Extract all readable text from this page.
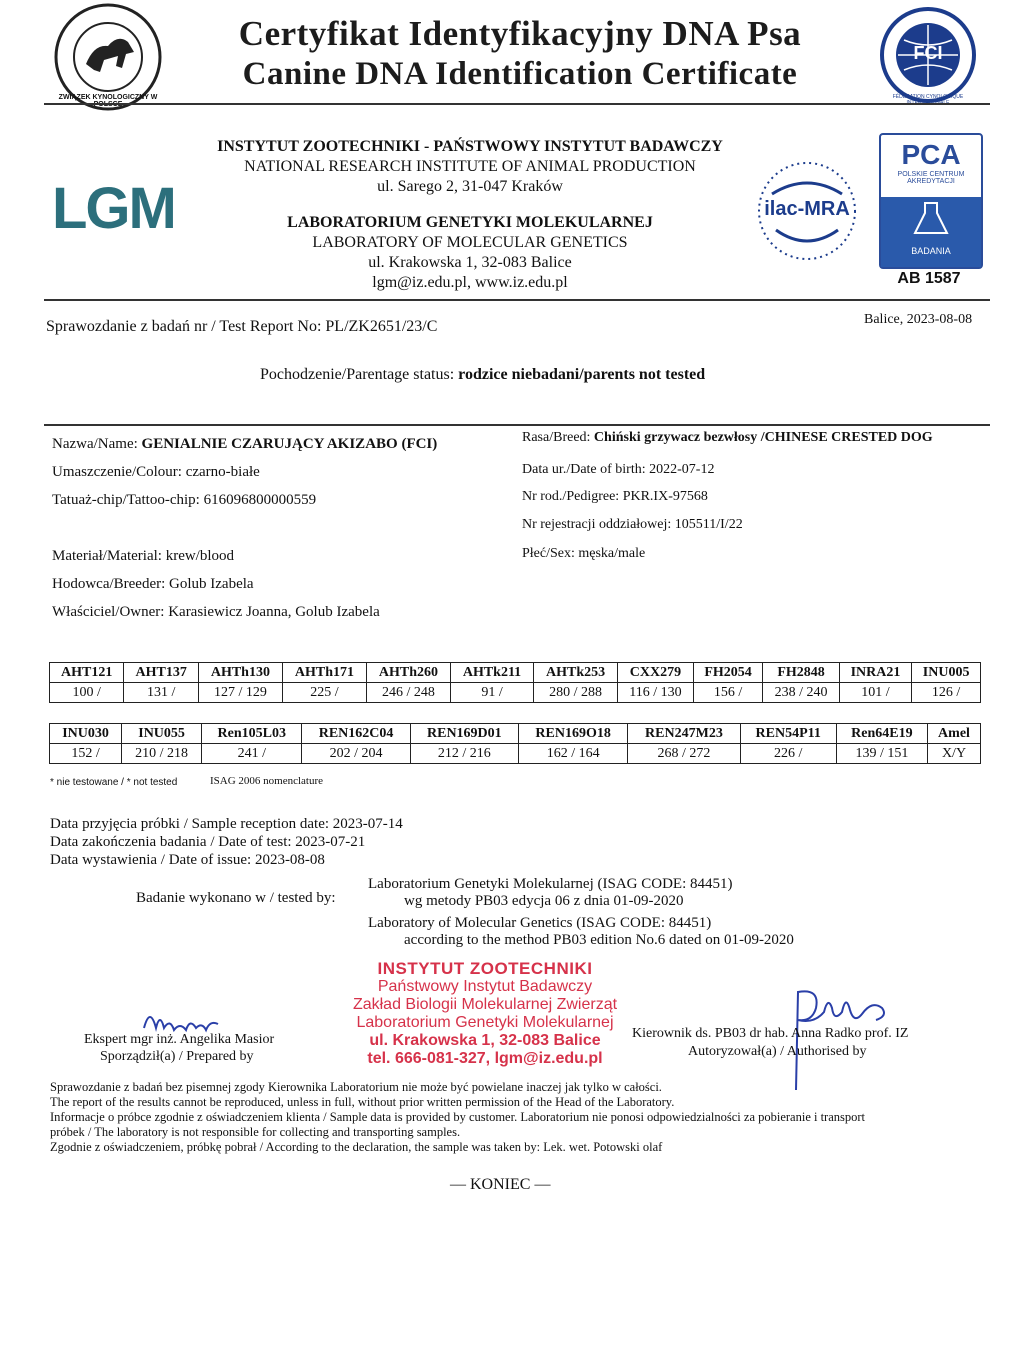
ZWIĄZEK KYNOLOGICZNY W POLSCE
Certyfikat Identyfikacyjny DNA Psa
Canine DNA Identification Certificate
FCI
FÉDÉRATION CYNOLOGIQUE INTERNATIONALE
LGM
INSTYTUT ZOOTECHNIKI - PAŃSTWOWY INSTYTUT BADAWCZY
NATIONAL RESEARCH INSTITUTE OF ANIMAL PRODUCTION
ul. Sarego 2, 31-047 Kraków
LABORATORIUM GENETYKI MOLEKULARNEJ
LABORATORY OF MOLECULAR GENETICS
ul. Krakowska 1, 32-083 Balice
lgm@iz.edu.pl, www.iz.edu.pl
ilac-MRA
PCA
POLSKIE CENTRUM AKREDYTACJI
BADANIA
AB 1587
Sprawozdanie z badań nr / Test Report No: PL/ZK2651/23/C	Balice, 2023-08-08
Pochodzenie/Parentage status: rodzice niebadani/parents not tested
Nazwa/Name: GENIALNIE CZARUJĄCY AKIZABO (FCI)
Umaszczenie/Colour: czarno-białe
Tatuaż-chip/Tattoo-chip: 616096800000559
Materiał/Material: krew/blood
Hodowca/Breeder: Golub Izabela
Właściciel/Owner: Karasiewicz Joanna, Golub Izabela
Rasa/Breed: Chiński grzywacz bezwłosy /CHINESE CRESTED DOG
Data ur./Date of birth: 2022-07-12
Nr rod./Pedigree: PKR.IX-97568
Nr rejestracji oddziałowej: 105511/I/22
Płeć/Sex: męska/male
AHT121	AHT137	AHTh130	AHTh171	AHTh260	AHTk211	AHTk253	CXX279	FH2054	FH2848	INRA21	INU005
100 /	131 /	127 / 129	225 /	246 / 248	91 /	280 / 288	116 / 130	156 /	238 / 240	101 /	126 /
INU030	INU055	Ren105L03	REN162C04	REN169D01	REN169O18	REN247M23	REN54P11	Ren64E19	Amel
152 /	210 / 218	241 /	202 / 204	212 / 216	162 / 164	268 / 272	226 /	139 / 151	X/Y
* nie testowane / * not tested	ISAG 2006 nomenclature
Data przyjęcia próbki / Sample reception date: 2023-07-14
Data zakończenia badania / Date of test: 2023-07-21
Data wystawienia / Date of issue: 2023-08-08
Badanie wykonano w / tested by:
Laboratorium Genetyki Molekularnej (ISAG CODE: 84451)
wg metody PB03 edycja 06 z dnia 01-09-2020
Laboratory of Molecular Genetics (ISAG CODE: 84451)
according to the method PB03 edition No.6 dated on 01-09-2020
INSTYTUT ZOOTECHNIKI
Państwowy Instytut Badawczy
Zakład Biologii Molekularnej Zwierząt
Laboratorium Genetyki Molekularnej
ul. Krakowska 1, 32-083 Balice
tel. 666-081-327, lgm@iz.edu.pl
Ekspert mgr inż. Angelika Masior
Sporządził(a) / Prepared by
Kierownik ds. PB03 dr hab. Anna Radko prof. IZ
Autoryzował(a) / Authorised by
Sprawozdanie z badań bez pisemnej zgody Kierownika Laboratorium nie może być powielane inaczej jak tylko w całości.
The report of the results cannot be reproduced, unless in full, without prior written permission of the Head of the Laboratory.
Informacje o próbce zgodnie z oświadczeniem klienta / Sample data is provided by customer. Laboratorium nie ponosi odpowiedzialności za pobieranie i transport
próbek / The laboratory is not responsible for collecting and transporting samples.
Zgodnie z oświadczeniem, próbkę pobrał / According to the declaration, the sample was taken by: Lek. wet. Potowski olaf
— KONIEC —
